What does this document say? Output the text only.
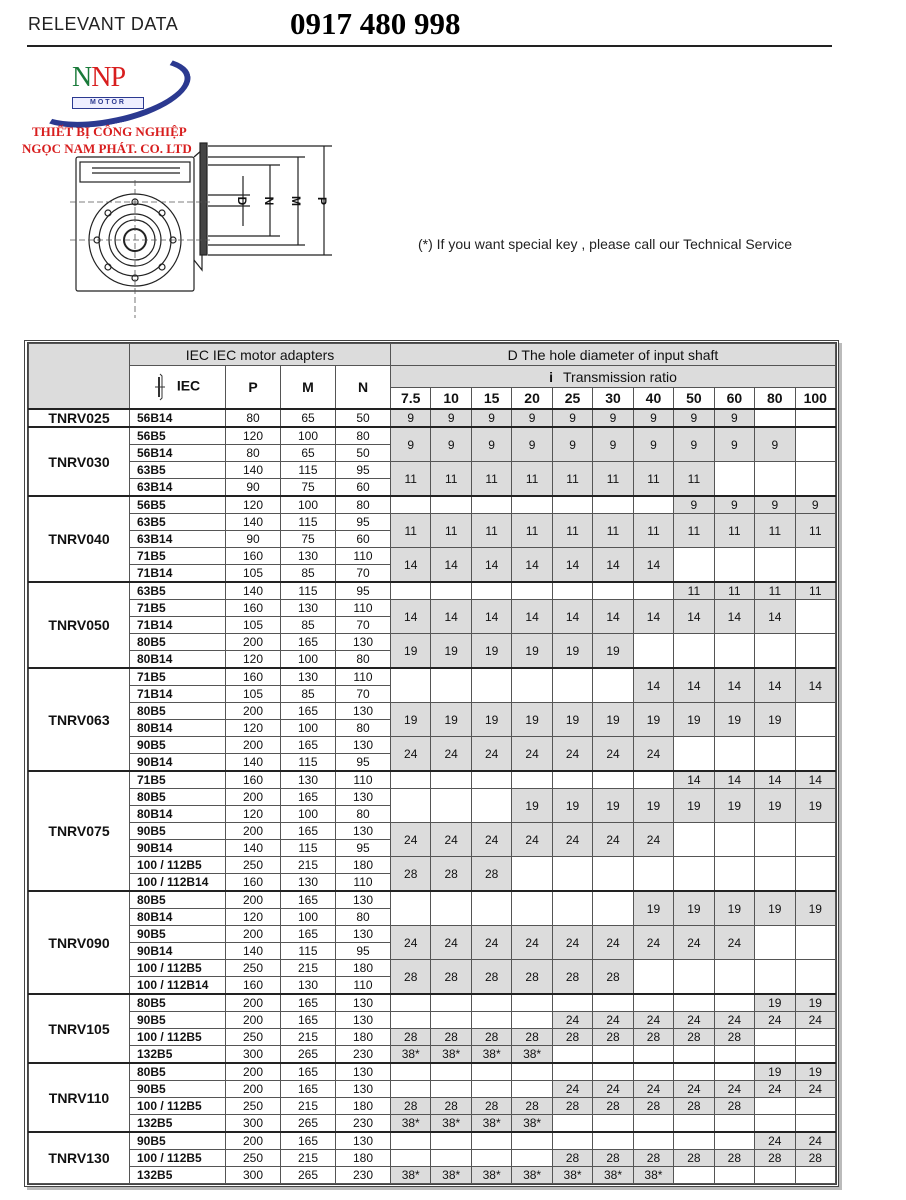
RELEVANT DATA	0917 480 998
NNP
MOTOR
THIẾT BỊ CÔNG NGHIỆP
NGỌC NAM PHÁT. CO. LTD
D N M P
(*) If you want special key , please call our Technical Service
	IEC IEC motor adapters				D The hole diameter of input shaft										
	IEC	P	M	N	i Transmission ratio										
					7.5	10	15	20	25	30	40	50	60	80	100
TNRV025	56B14	80	65	50	9	9	9	9	9	9	9	9	9		
TNRV030	56B5	120	100	80	9	9	9	9	9	9	9	9	9	9	
	56B14	80	65	50											
	63B5	140	115	95	11	11	11	11	11	11	11	11			
	63B14	90	75	60											
TNRV040	56B5	120	100	80								9	9	9	9
	63B5	140	115	95	11	11	11	11	11	11	11	11	11	11	11
	63B14	90	75	60											
	71B5	160	130	110	14	14	14	14	14	14	14				
	71B14	105	85	70											
TNRV050	63B5	140	115	95								11	11	11	11
	71B5	160	130	110	14	14	14	14	14	14	14	14	14	14	
	71B14	105	85	70											
	80B5	200	165	130	19	19	19	19	19	19					
	80B14	120	100	80											
TNRV063	71B5	160	130	110							14	14	14	14	14
	71B14	105	85	70											
	80B5	200	165	130	19	19	19	19	19	19	19	19	19	19	
	80B14	120	100	80											
	90B5	200	165	130	24	24	24	24	24	24	24				
	90B14	140	115	95											
TNRV075	71B5	160	130	110								14	14	14	14
	80B5	200	165	130				19	19	19	19	19	19	19	19
	80B14	120	100	80											
	90B5	200	165	130	24	24	24	24	24	24	24				
	90B14	140	115	95											
	100 / 112B5	250	215	180	28	28	28								
	100 / 112B14	160	130	110											
TNRV090	80B5	200	165	130							19	19	19	19	19
	80B14	120	100	80											
	90B5	200	165	130	24	24	24	24	24	24	24	24	24		
	90B14	140	115	95											
	100 / 112B5	250	215	180	28	28	28	28	28	28					
	100 / 112B14	160	130	110											
TNRV105	80B5	200	165	130										19	19
	90B5	200	165	130					24	24	24	24	24	24	24
	100 / 112B5	250	215	180	28	28	28	28	28	28	28	28	28		
	132B5	300	265	230	38*	38*	38*	38*							
TNRV110	80B5	200	165	130										19	19
	90B5	200	165	130					24	24	24	24	24	24	24
	100 / 112B5	250	215	180	28	28	28	28	28	28	28	28	28		
	132B5	300	265	230	38*	38*	38*	38*							
TNRV130	90B5	200	165	130										24	24
	100 / 112B5	250	215	180					28	28	28	28	28	28	28
	132B5	300	265	230	38*	38*	38*	38*	38*	38*	38*				
